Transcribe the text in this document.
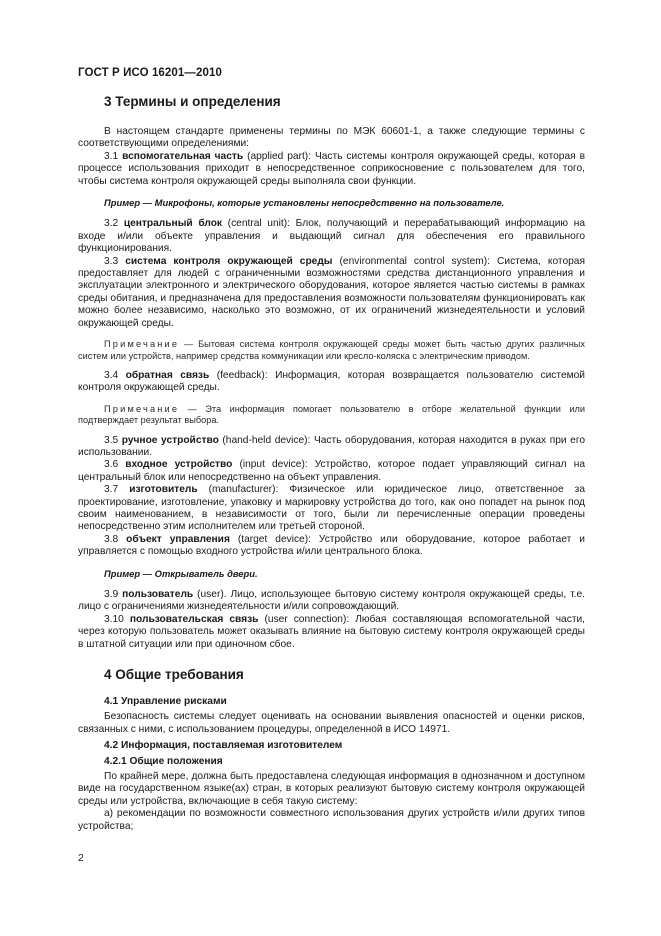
ГОСТ Р ИСО 16201—2010
3 Термины и определения

В настоящем стандарте применены термины по МЭК 60601-1, а также следующие термины с соответствующими определениями:

3.1 вспомогательная часть (applied part): Часть системы контроля окружающей среды, которая в процессе использования приходит в непосредственное соприкосновение с пользователем для того, чтобы система контроля окружающей среды выполняла свои функции.

Пример — Микрофоны, которые установлены непосредственно на пользователе.

3.2 центральный блок (central unit): Блок, получающий и перерабатывающий информацию на входе и/или объекте управления и выдающий сигнал для обеспечения его правильного функционирования.

3.3 система контроля окружающей среды (environmental control system): Система, которая предоставляет для людей с ограниченными возможностями средства дистанционного управления и эксплуатации электронного и электрического оборудования, которое является частью системы в рамках среды обитания, и предназначена для предоставления возможности пользователям функционировать как можно более независимо, насколько это возможно, от их ограничений жизнедеятельности и условий окружающей среды.

Примечание — Бытовая система контроля окружающей среды может быть частью других различных систем или устройств, например средства коммуникации или кресло-коляска с электрическим приводом.

3.4 обратная связь (feedback): Информация, которая возвращается пользователю системой контроля окружающей среды.

Примечание — Эта информация помогает пользователю в отборе желательной функции или подтверждает результат выбора.

3.5 ручное устройство (hand-held device): Часть оборудования, которая находится в руках при его использовании.

3.6 входное устройство (input device): Устройство, которое подает управляющий сигнал на центральный блок или непосредственно на объект управления.

3.7 изготовитель (manufacturer): Физическое или юридическое лицо, ответственное за проектирование, изготовление, упаковку и маркировку устройства до того, как оно попадет на рынок под своим наименованием, в независимости от того, были ли перечисленные операции проведены непосредственно этим исполнителем или третьей стороной.

3.8 объект управления (target device): Устройство или оборудование, которое работает и управляется с помощью входного устройства и/или центрального блока.

Пример — Открыватель двери.

3.9 пользователь (user). Лицо, использующее бытовую систему контроля окружающей среды, т.е. лицо с ограничениями жизнедеятельности и/или сопровождающий.

3.10 пользовательская связь (user connection): Любая составляющая вспомогательной части, через которую пользователь может оказывать влияние на бытовую систему контроля окружающей среды в штатной ситуации или при одиночном сбое.

4 Общие требования
4.1 Управление рисками

Безопасность системы следует оценивать на основании выявления опасностей и оценки рисков, связанных с ними, с использованием процедуры, определенной в ИСО 14971.

4.2 Информация, поставляемая изготовителем
4.2.1 Общие положения

По крайней мере, должна быть предоставлена следующая информация в однозначном и доступном виде на государственном языке(ах) стран, в которых реализуют бытовую систему контроля окружающей среды или устройства, включающие в себя такую систему:

а) рекомендации по возможности совместного использования других устройств и/или других типов устройства;

2
